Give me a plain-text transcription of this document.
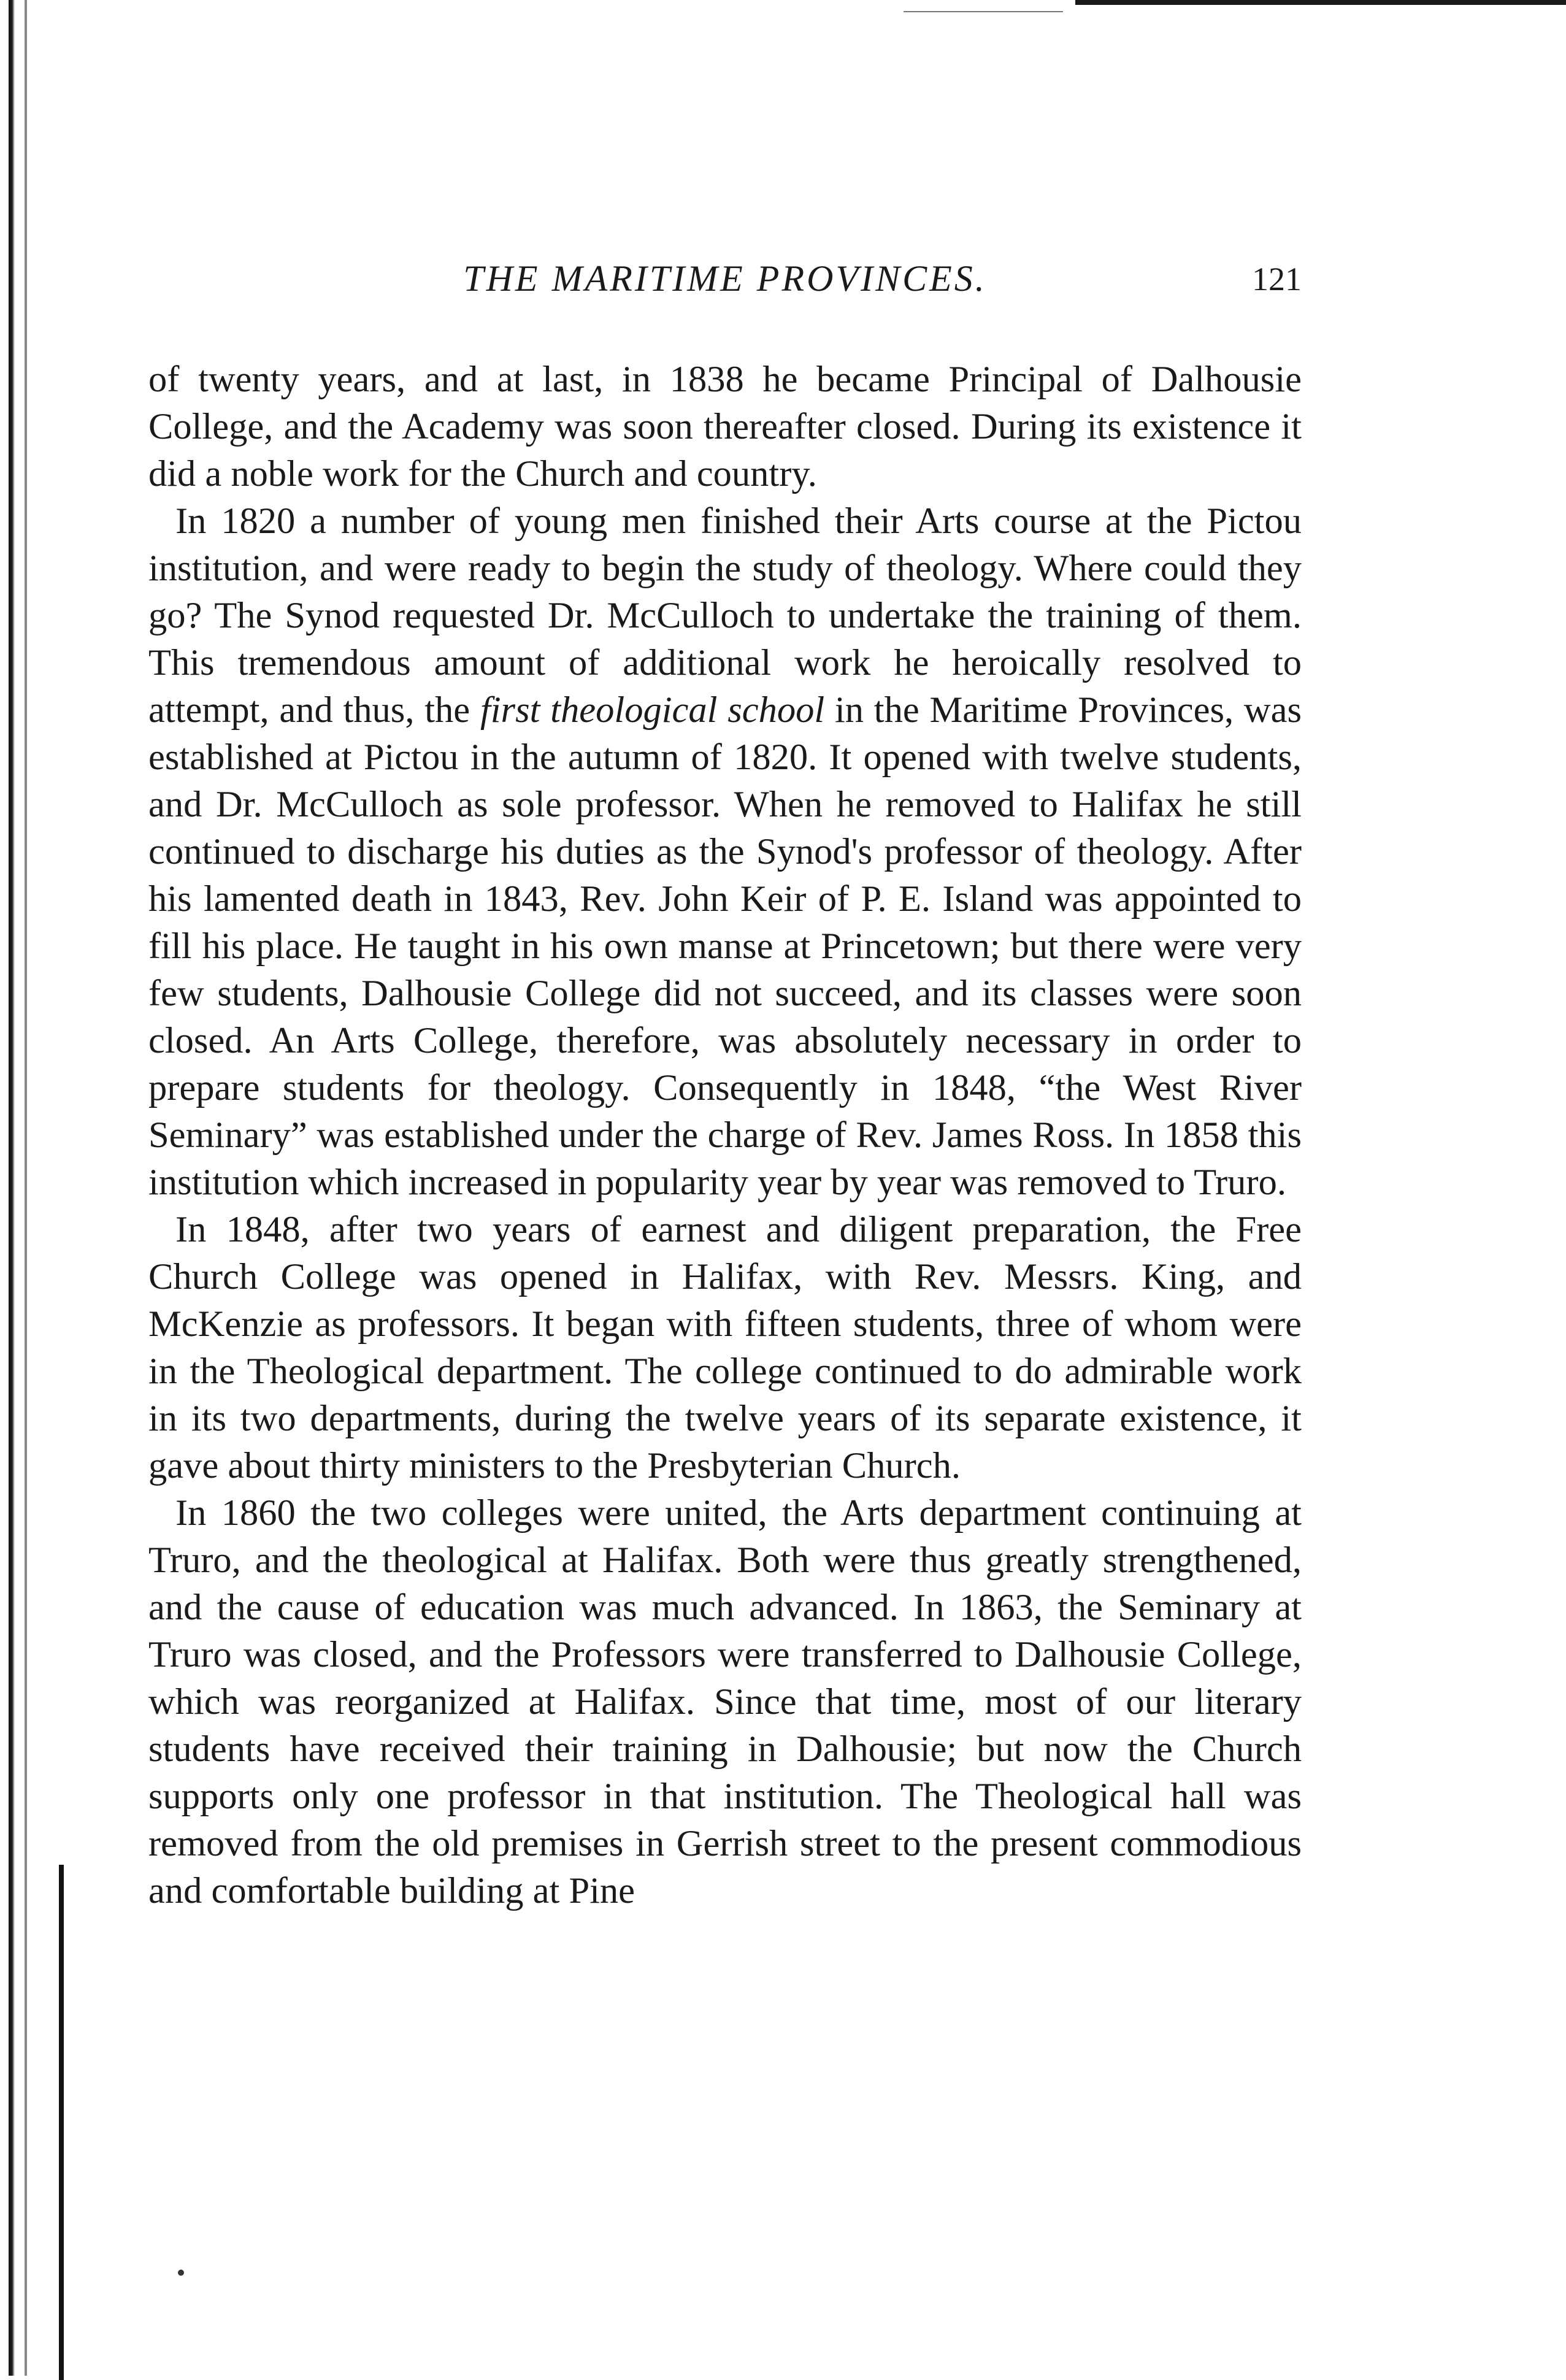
THE MARITIME PROVINCES.	121

of twenty years, and at last, in 1838 he became Principal of Dalhousie College, and the Academy was soon thereafter closed. During its existence it did a noble work for the Church and country.

In 1820 a number of young men finished their Arts course at the Pictou institution, and were ready to begin the study of theology. Where could they go? The Synod requested Dr. McCulloch to undertake the training of them. This tremendous amount of additional work he heroically resolved to attempt, and thus, the first theological school in the Maritime Provinces, was established at Pictou in the autumn of 1820. It opened with twelve students, and Dr. McCulloch as sole professor. When he removed to Halifax he still continued to discharge his duties as the Synod's professor of theology. After his lamented death in 1843, Rev. John Keir of P. E. Island was appointed to fill his place. He taught in his own manse at Princetown; but there were very few students, Dalhousie College did not succeed, and its classes were soon closed. An Arts College, therefore, was absolutely necessary in order to prepare students for theology. Consequently in 1848, “the West River Seminary” was established under the charge of Rev. James Ross. In 1858 this institution which increased in popularity year by year was removed to Truro.

In 1848, after two years of earnest and diligent preparation, the Free Church College was opened in Halifax, with Rev. Messrs. King, and McKenzie as professors. It began with fifteen students, three of whom were in the Theological department. The college continued to do admirable work in its two departments, during the twelve years of its separate existence, it gave about thirty ministers to the Presbyterian Church.

In 1860 the two colleges were united, the Arts department continuing at Truro, and the theological at Halifax. Both were thus greatly strengthened, and the cause of education was much advanced. In 1863, the Seminary at Truro was closed, and the Professors were transferred to Dalhousie College, which was reorganized at Halifax. Since that time, most of our literary students have received their training in Dalhousie; but now the Church supports only one professor in that institution. The Theological hall was removed from the old premises in Gerrish street to the present commodious and comfortable building at Pine
